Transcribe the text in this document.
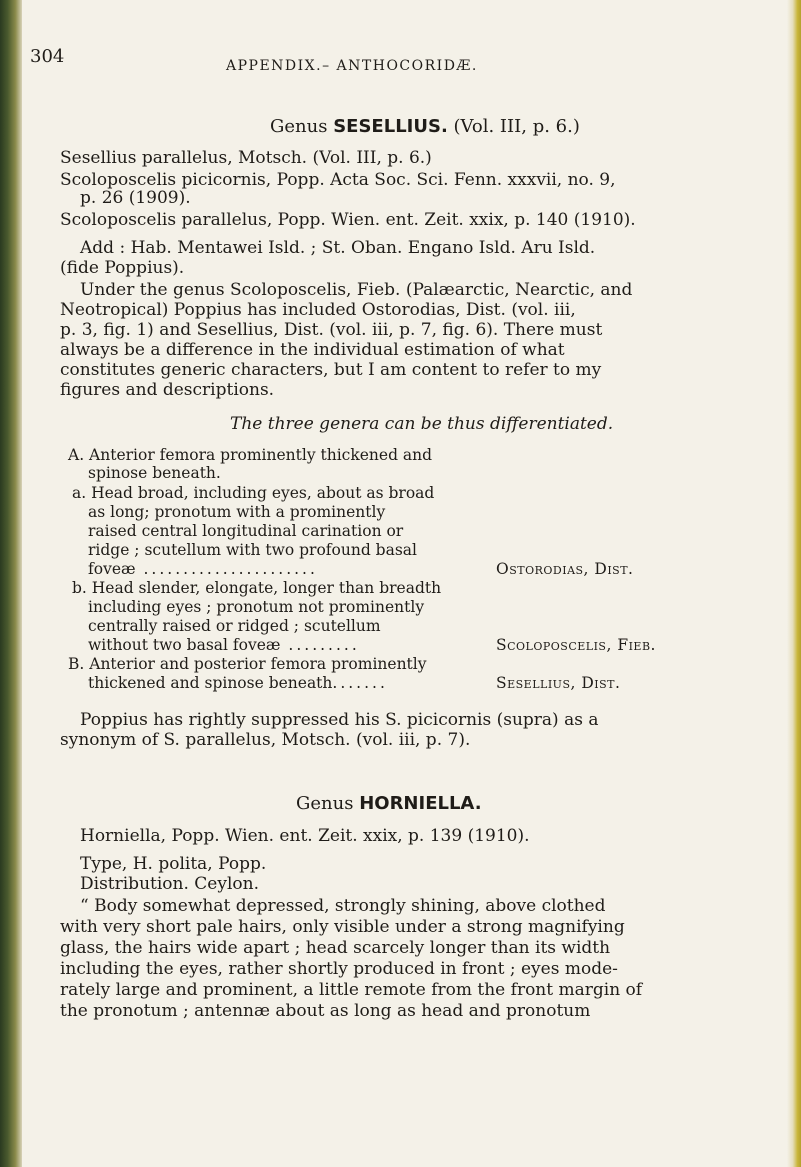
304	APPENDIX.– ANTHOCORIDÆ.
Genus SESELLIUS. (Vol. III, p. 6.)
Sesellius parallelus, Motsch. (Vol. III, p. 6.)
Scoloposcelis picicornis, Popp. Acta Soc. Sci. Fenn. xxxvii, no. 9,
p. 26 (1909).
Scoloposcelis parallelus, Popp. Wien. ent. Zeit. xxix, p. 140 (1910).
Add : Hab. Mentawei Isld. ; St. Oban. Engano Isld. Aru Isld.
(fide Poppius).
Under the genus Scoloposcelis, Fieb. (Palæarctic, Nearctic, and
Neotropical) Poppius has included Ostorodias, Dist. (vol. iii,
p. 3, fig. 1) and Sesellius, Dist. (vol. iii, p. 7, fig. 6). There must
always be a difference in the individual estimation of what
constitutes generic characters, but I am content to refer to my
figures and descriptions.
The three genera can be thus differentiated.
A. Anterior femora prominently thickened and
spinose beneath.
a. Head broad, including eyes, about as broad
as long; pronotum with a prominently
raised central longitudinal carination or
ridge ; scutellum with two profound basal
foveæ ......................	Ostorodias, Dist.
b. Head slender, elongate, longer than breadth
including eyes ; pronotum not prominently
centrally raised or ridged ; scutellum
without two basal foveæ .........	Scoloposcelis, Fieb.
B. Anterior and posterior femora prominently
thickened and spinose beneath.......	Sesellius, Dist.
Poppius has rightly suppressed his S. picicornis (supra) as a
synonym of S. parallelus, Motsch. (vol. iii, p. 7).
Genus HORNIELLA.
Horniella, Popp. Wien. ent. Zeit. xxix, p. 139 (1910).
Type, H. polita, Popp.
Distribution. Ceylon.
“ Body somewhat depressed, strongly shining, above clothed
with very short pale hairs, only visible under a strong magnifying
glass, the hairs wide apart ; head scarcely longer than its width
including the eyes, rather shortly produced in front ; eyes mode-
rately large and prominent, a little remote from the front margin of
the pronotum ; antennæ about as long as head and pronotum
